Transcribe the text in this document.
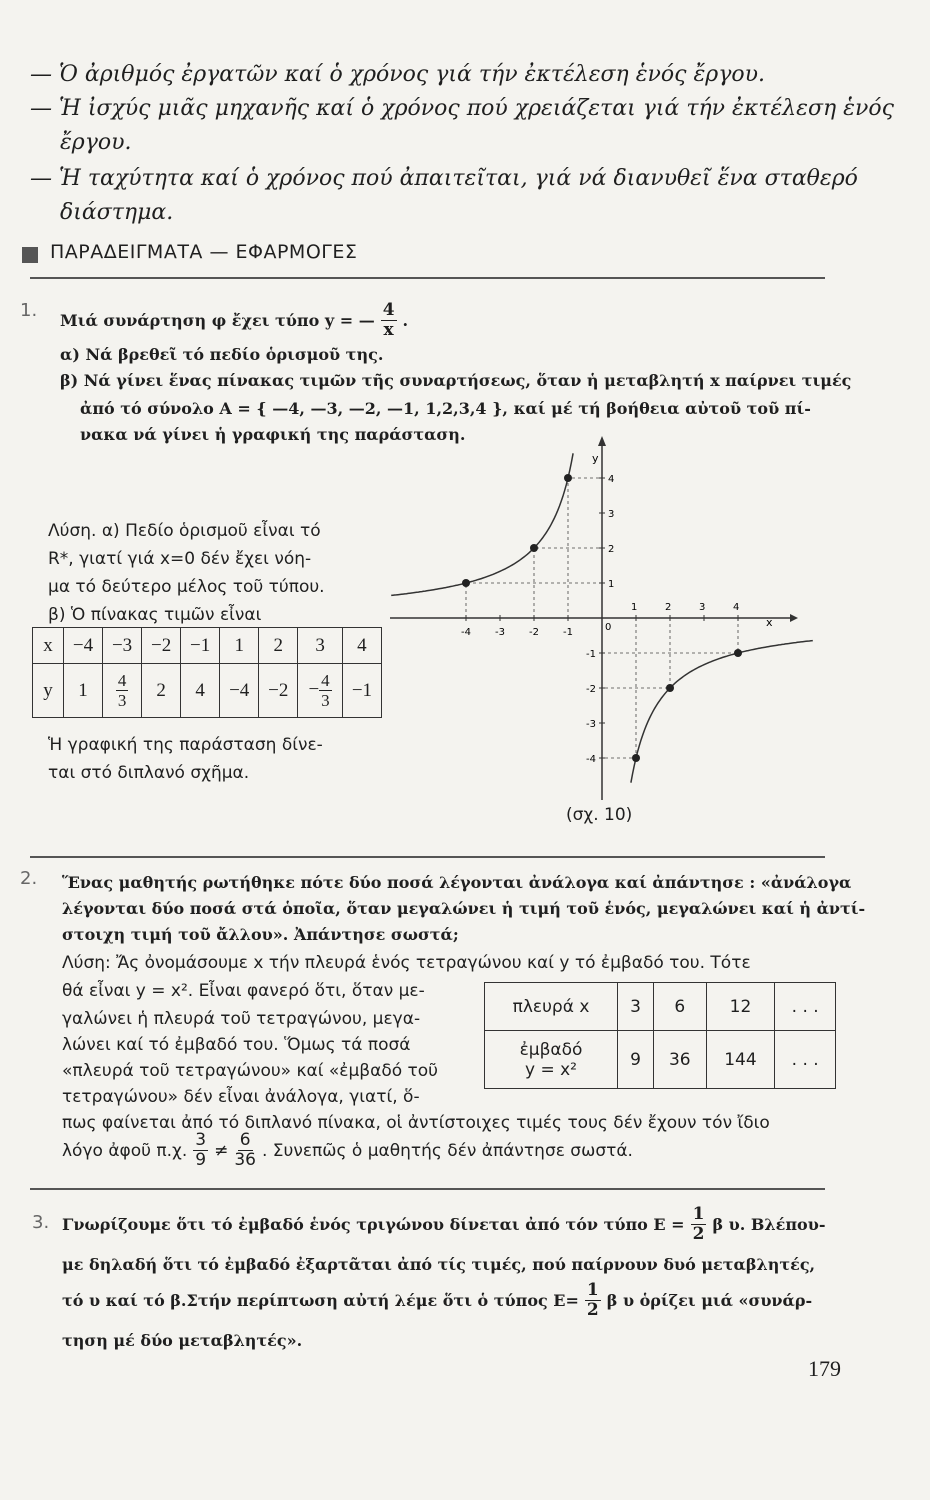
— Ὁ ἀριθμός ἐργατῶν καί ὁ χρόνος γιά τήν ἐκτέλεση ἑνός ἔργου.
— Ἡ ἰσχύς μιᾶς μηχανῆς καί ὁ χρόνος πού χρειάζεται γιά τήν ἐκτέλεση ἑνός
ἔργου.
— Ἡ ταχύτητα καί ὁ χρόνος πού ἀπαιτεῖται, γιά νά διανυθεῖ ἕνα σταθερό
διάστημα.
ΠΑΡΑΔΕΙΓΜΑΤΑ — ΕΦΑΡΜΟΓΕΣ
1. Μιά συνάρτηση φ ἔχει τύπο y = — $\frac{4}{x}$ .
α) Νά βρεθεῖ τό πεδίο ὁρισμοῦ της.
β) Νά γίνει ἕνας πίνακας τιμῶν τῆς συναρτήσεως, ὅταν ἡ μεταβλητή x παίρνει τιμές
ἀπό τό σύνολο A = { —4, —3, —2, —1, 1,2,3,4 }, καί μέ τή βοήθεια αὐτοῦ τοῦ πί-
νακα νά γίνει ἡ γραφική της παράσταση.
Λύση. α) Πεδίο ὁρισμοῦ εἶναι τό
R*, γιατί γιά x=0 δέν ἔχει νόη-
μα τό δεύτερο μέλος τοῦ τύπου.
β) Ὁ πίνακας τιμῶν εἶναι
x	−4	−3	−2	−1	1	2	3	4
y	1	$\frac{4}{3}$	2	4	−4	−2	− $\frac{4}{3}$	−1
Ἡ γραφική της παράσταση δίνε-
ται στό διπλανό σχῆμα.
y
x
-4 -3 -2 -1	0
1	2	3	4
4
3
2
1
-1
-2
-3
-4
(σχ. 10)
2. Ἕνας μαθητής ρωτήθηκε πότε δύο ποσά λέγονται ἀνάλογα καί ἀπάντησε : «ἀνάλογα
λέγονται δύο ποσά στά ὁποῖα, ὅταν μεγαλώνει ἡ τιμή τοῦ ἑνός, μεγαλώνει καί ἡ ἀντί-
στοιχη τιμή τοῦ ἄλλου». Ἀπάντησε σωστά;
Λύση: Ἄς ὀνομάσουμε x τήν πλευρά ἑνός τετραγώνου καί y τό ἐμβαδό του. Τότε
θά εἶναι y = x². Εἶναι φανερό ὅτι, ὅταν με-
γαλώνει ἡ πλευρά τοῦ τετραγώνου, μεγα-
λώνει καί τό ἐμβαδό του. Ὅμως τά ποσά
«πλευρά τοῦ τετραγώνου» καί «ἐμβαδό τοῦ
τετραγώνου» δέν εἶναι ἀνάλογα, γιατί, ὅ-
πως φαίνεται ἀπό τό διπλανό πίνακα, οἱ ἀντίστοιχες τιμές τους δέν ἔχουν τόν ἴδιο
λόγο ἀφοῦ π.χ. $\frac{3}{9} \ne \frac{6}{36}$ . Συνεπῶς ὁ μαθητής δέν ἀπάντησε σωστά.
πλευρά x	3	6	12	. . .

ἐμβαδό
y = x²	9	36	144	. . .
3. Γνωρίζουμε ὅτι τό ἐμβαδό ἑνός τριγώνου δίνεται ἀπό τόν τύπο $E = \frac{1}{2}$ β υ. Βλέπου-
με δηλαδή ὅτι τό ἐμβαδό ἐξαρτᾶται ἀπό τίς τιμές, πού παίρνουν δυό μεταβλητές,
τό υ καί τό β.Στήν περίπτωση αὐτή λέμε ὅτι ὁ τύπος $E= \frac{1}{2}$ β υ ὁρίζει μιά «συνάρ-
τηση μέ δύο μεταβλητές».
179
